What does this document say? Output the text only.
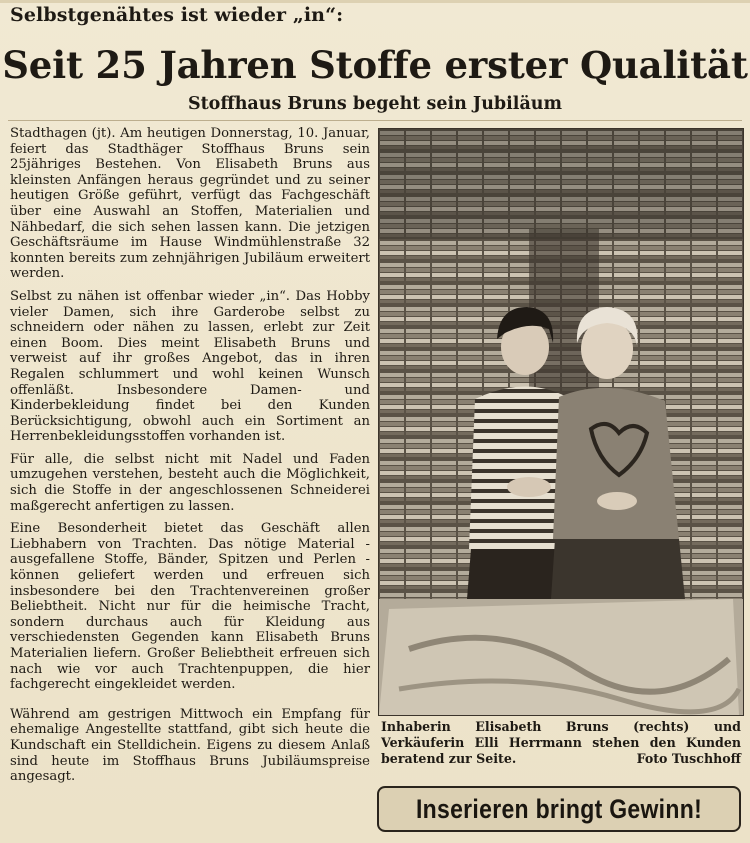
Selbstgenähtes ist wieder „in“:
Seit 25 Jahren Stoffe erster Qualität
Stoffhaus Bruns begeht sein Jubiläum

Stadthagen (jt). Am heutigen Donnerstag, 10. Januar, feiert das Stadthäger Stoffhaus Bruns sein 25jähriges Bestehen. Von Elisabeth Bruns aus kleinsten Anfängen heraus gegründet und zu seiner heutigen Größe geführt, verfügt das Fachgeschäft über eine Auswahl an Stoffen, Materialien und Nähbedarf, die sich sehen lassen kann. Die jetzigen Geschäftsräume im Hause Windmühlenstraße 32 konnten bereits zum zehnjährigen Jubiläum erweitert werden.

Selbst zu nähen ist offenbar wieder „in“. Das Hobby vieler Damen, sich ihre Garderobe selbst zu schneidern oder nähen zu lassen, erlebt zur Zeit einen Boom. Dies meint Elisabeth Bruns und verweist auf ihr großes Angebot, das in ihren Regalen schlummert und wohl keinen Wunsch offenläßt. Insbesondere Damen- und Kinderbekleidung findet bei den Kunden Berücksichtigung, obwohl auch ein Sortiment an Herrenbekleidungsstoffen vorhanden ist.

Für alle, die selbst nicht mit Nadel und Faden umzugehen verstehen, besteht auch die Möglichkeit, sich die Stoffe in der angeschlossenen Schneiderei maßgerecht anfertigen zu lassen.

Eine Besonderheit bietet das Geschäft allen Liebhabern von Trachten. Das nötige Material - ausgefallene Stoffe, Bänder, Spitzen und Perlen - können geliefert werden und erfreuen sich insbesondere bei den Trachtenvereinen großer Beliebtheit. Nicht nur für die heimische Tracht, sondern durchaus auch für Kleidung aus verschiedensten Gegenden kann Elisabeth Bruns Materialien liefern. Großer Beliebtheit erfreuen sich nach wie vor auch Trachtenpuppen, die hier fachgerecht eingekleidet werden.

Während am gestrigen Mittwoch ein Empfang für ehemalige Angestellte stattfand, gibt sich heute die Kundschaft ein Stelldichein. Eigens zu diesem Anlaß sind heute im Stoffhaus Bruns Jubiläumspreise angesagt.

Inhaberin Elisabeth Bruns (rechts) und Verkäuferin Elli Herrmann stehen den Kunden beratend zur Seite.	Foto Tuschhoff
Inserieren bringt Gewinn!
